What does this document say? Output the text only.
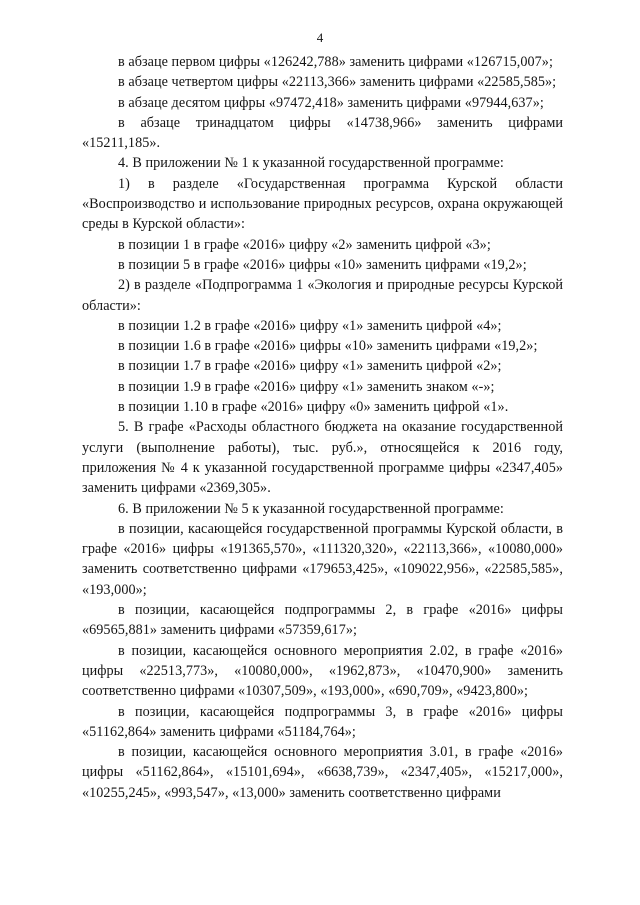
4

в абзаце первом цифры «126242,788» заменить цифрами «126715,007»;

в абзаце четвертом цифры «22113,366» заменить цифрами «22585,585»;

в абзаце десятом цифры «97472,418» заменить цифрами «97944,637»;

в абзаце тринадцатом цифры «14738,966» заменить цифрами «15211,185».

4. В приложении № 1 к указанной государственной программе:

1) в разделе «Государственная программа Курской области «Воспроизводство и использование природных ресурсов, охрана окружающей среды в Курской области»:

в позиции 1 в графе «2016» цифру «2» заменить цифрой «3»;

в позиции 5 в графе «2016» цифры «10» заменить цифрами «19,2»;

2) в разделе «Подпрограмма 1 «Экология и природные ресурсы Курской области»:

в позиции 1.2 в графе «2016» цифру «1» заменить цифрой «4»;

в позиции 1.6 в графе «2016» цифры «10» заменить цифрами «19,2»;

в позиции 1.7 в графе «2016» цифру «1» заменить цифрой «2»;

в позиции 1.9 в графе «2016» цифру «1» заменить знаком «-»;

в позиции 1.10 в графе «2016» цифру «0» заменить цифрой «1».

5. В графе «Расходы областного бюджета на оказание государственной услуги (выполнение работы), тыс. руб.», относящейся к 2016 году, приложения № 4 к указанной государственной программе цифры «2347,405» заменить цифрами «2369,305».

6. В приложении № 5 к указанной государственной программе:

в позиции, касающейся государственной программы Курской области, в графе «2016» цифры «191365,570», «111320,320», «22113,366», «10080,000» заменить соответственно цифрами «179653,425», «109022,956», «22585,585», «193,000»;

в позиции, касающейся подпрограммы 2, в графе «2016» цифры «69565,881» заменить цифрами «57359,617»;

в позиции, касающейся основного мероприятия 2.02, в графе «2016» цифры «22513,773», «10080,000», «1962,873», «10470,900» заменить соответственно цифрами «10307,509», «193,000», «690,709», «9423,800»;

в позиции, касающейся подпрограммы 3, в графе «2016» цифры «51162,864» заменить цифрами «51184,764»;

в позиции, касающейся основного мероприятия 3.01, в графе «2016» цифры «51162,864», «15101,694», «6638,739», «2347,405», «15217,000», «10255,245», «993,547», «13,000» заменить соответственно цифрами
